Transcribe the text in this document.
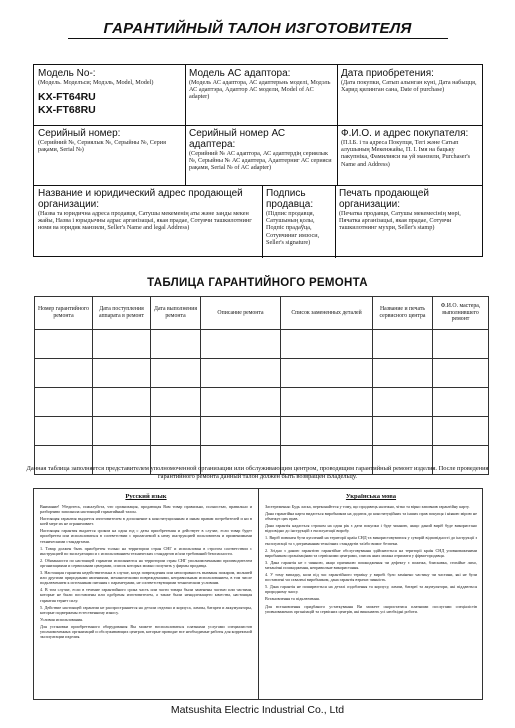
ГАРАНТИЙНЫЙ ТАЛОН ИЗГОТОВИТЕЛЯ
Модель No-:
(Модель. Моделъси; Модэль, Моdel, Model)
KX-FT64RU
KX-FT68RU
Модель АС адаптора:
(Модель АС адаптора, АС адаптерьнь моделі, Модэль АС адаптэра, Адаптор АС модели, Model of AC adapter)
Дата приобретения:
(Дата покупки, Сатып алынган күні, Дата набыцця, Харид қилинган сана, Date of purchase)
Серийный номер:
(Серийний №, Сериялык №, Серыйны №, Серия рақами, Serial №)
Серийный номер АС адаптера:
(Серийний № АС адаптора, АС адаптердің сериялык №, Серыйны № АС адаптера, Адаптерниг АС серияси рақами, Serial № of AC adapter)
Ф.И.О. и адрес покупателя:
(П.І.Б. і та адреса Покупця, Тегі және Сатып алушының Мекенжайы, П. І. Імя на бацьку пакупніка, Фамилияси ва уй манзили, Purchaser's Name and Address)
Название и юридический адрес продающей организации:
(Назва та юридична адреса продавця, Сатушы мекеменің аты және заңды мекен жайы, Назва і юрыдычны адрас арганізацыі, якая прадае, Сотувчи ташкилотнинг номи ва юридик манзили, Seller's Name and legal Address)
Подпись продавца:
(Підпис продавця, Сатушының қолы, Подпіс прадаўца, Сотувчиниг имзоси, Seller's signature)
Печать продающей организации:
(Печатка продавця, Сатушы мекемесінің мөрі, Пячатка арганізацыі, якая прадае, Сотувчи ташкилотнинг мухри, Seller's stamp)
ТАБЛИЦА ГАРАНТИЙНОГО РЕМОНТА
Номер гарантийного ремонта	Дата поступления аппарата в ремонт	Дата выполнения ремонта	Описание ремонта	Список замененных деталей	Название и печать сервисного центра	Ф.И.О. мастера, выполнившего ремонт

Данная таблица заполняется представителем уполномоченной организации или обслуживающим центром, проводящим гарантийный ремонт изделия. После проведения гарантийного ремонта данный талон должен быть возвращен Владельцу.
Русский язык

Внимание! Убедитесь, пожалуйста, что организация, продающая Вам товар правильно, полностью, правильно и разборчиво заполнила настоящий гарантийный талон.

Настоящая гарантия выдается изготовителем в дополнение к конституционным и иным правам потребителей и ни в коей мере их не ограничивает.

Настоящая гарантия выдается сроком на один год с даты приобретения и действует в случае, если товар будет приобретен или использоваться в соответствии с прилагаемой к нему инструкцией пользователя и применимыми техническими стандартами.

1. Товар должен быть приобретен только на территории стран СНГ и использован в строгом соответствии с инструкцией по эксплуатации и с использованием технических стандартов и/или требований безопасности.

2. Обязанности по настоящей гарантии исполняются на территории стран СНГ уполномоченными производителем организациями и сервисными центрами, список которых можно получить у фирмы продавца.

3. Настоящая гарантия недействительна в случае, когда повреждения или неисправность вызваны пожаром, молнией или другими природными явлениями, механическими повреждениями, неправильным использованием, в том числе подключением к источникам питания с параметрами, не соответствующими техническим условиям.

4. В том случае, если в течение гарантийного срока часть или части товара были заменены частью или частями, которые не были поставлены или одобрены изготовителем, а также были ненадлежащего качества, настоящая гарантия теряет силу.

5. Действие настоящей гарантии не распространяется на детали отделки и корпуса, лампы, батареи и аккумуляторы, которые подвержены естественному износу.

Условия использования.

Для установки приобретенного оборудования Вы можете воспользоваться платными услугами специалистов уполномоченных организаций и обслуживающих центров, которые проводят все необходимые работы для корректной эксплуатации изделия.

Українська мова

Застереження: Будь ласка, переконайтеся у тому, що продавець належно, чітко та вірно заповнив гарантійну карту.

Дана гарантійна карта видається виробником на додаток до конституційних та інших прав покупця і ніякою мірою не обмежує цих прав.

Дана гарантія надається строком на один рік з дати покупки і буде чинною, якщо даний виріб буде використано відповідно до інструкцій з експлуатації виробу.

1. Виріб повинен бути куплений на території країн СНД та використовуватися у суворій відповідності до інструкції з експлуатації та з дотриманням технічних стандартів та/або вимог безпеки.

2. Згідно з даною гарантією гарантійне обслуговування здійснюється на території країн СНД уповноваженими виробником організаціями та сервісними центрами, список яких можна отримати у фірми-продавця.

3. Дана гарантія не є чинною, якщо причиною пошкодження чи дефекту є пожежа, блискавка, стихійне лихо, механічні пошкодження, неправильне використання.

4. У тому випадку, коли під час гарантійного терміну у виробі було замінено частину чи частини, які не були поставлені чи схвалені виробником, дана гарантія втрачає чинність.

5. Дана гарантія не поширюється на деталі оздоблення та корпусу, лампи, батареї та акумулятори, які піддаються природному зносу.

Встановлення та підключення.

Для встановлення придбаного устаткування Ви можете скористатися платними послугами спеціалістів уповноважених організацій та сервісних центрів, які виконають усі необхідні роботи.

Matsushita Electric Industrial Co., Ltd
